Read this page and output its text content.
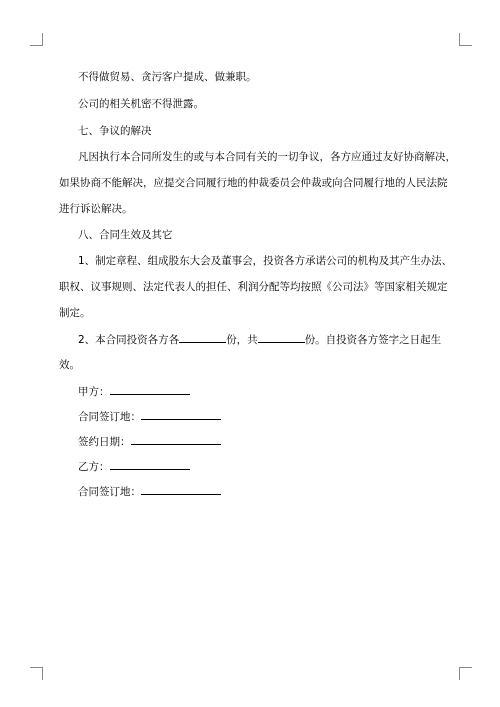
不得做贸易、贪污客户提成、做兼职。
公司的相关机密不得泄露。
七、争议的解决
凡因执行本合同所发生的或与本合同有关的一切争议，各方应通过友好协商解决，
如果协商不能解决，应提交合同履行地的仲裁委员会仲裁或向合同履行地的人民法院
进行诉讼解决。
八、合同生效及其它
1、制定章程、组成股东大会及董事会，投资各方承诺公司的机构及其产生办法、
职权、议事规则、法定代表人的担任、利润分配等均按照《公司法》等国家相关规定
制定。
2、本合同投资各方各	份，共	份。自投资各方签字之日起生
效。
甲方：
合同签订地：
签约日期：
乙方：
合同签订地：
